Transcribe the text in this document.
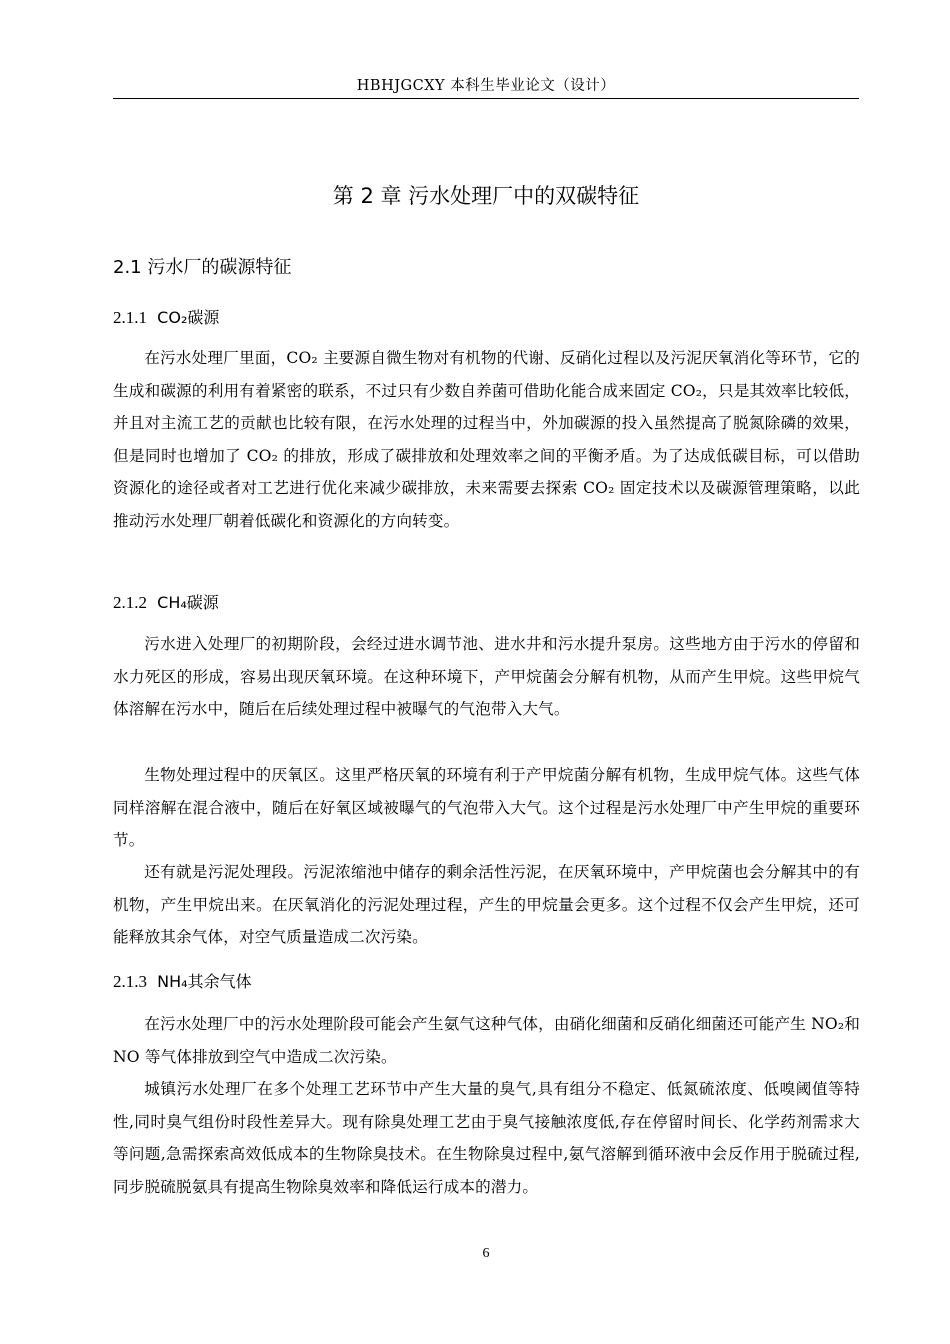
HBHJGCXY 本科生毕业论文（设计）
第 2 章 污水处理厂中的双碳特征
2.1 污水厂的碳源特征
2.1.1 CO₂碳源

在污水处理厂里面，CO₂ 主要源自微生物对有机物的代谢、反硝化过程以及污泥厌氧消化等环节，它的生成和碳源的利用有着紧密的联系，不过只有少数自养菌可借助化能合成来固定 CO₂，只是其效率比较低，并且对主流工艺的贡献也比较有限，在污水处理的过程当中，外加碳源的投入虽然提高了脱氮除磷的效果，但是同时也增加了 CO₂ 的排放，形成了碳排放和处理效率之间的平衡矛盾。为了达成低碳目标，可以借助资源化的途径或者对工艺进行优化来减少碳排放，未来需要去探索 CO₂ 固定技术以及碳源管理策略，以此推动污水处理厂朝着低碳化和资源化的方向转变。

2.1.2 CH₄碳源

污水进入处理厂的初期阶段，会经过进水调节池、进水井和污水提升泵房。这些地方由于污水的停留和水力死区的形成，容易出现厌氧环境。在这种环境下，产甲烷菌会分解有机物，从而产生甲烷。这些甲烷气体溶解在污水中，随后在后续处理过程中被曝气的气泡带入大气。

生物处理过程中的厌氧区。这里严格厌氧的环境有利于产甲烷菌分解有机物，生成甲烷气体。这些气体同样溶解在混合液中，随后在好氧区域被曝气的气泡带入大气。这个过程是污水处理厂中产生甲烷的重要环节。

还有就是污泥处理段。污泥浓缩池中储存的剩余活性污泥，在厌氧环境中，产甲烷菌也会分解其中的有机物，产生甲烷出来。在厌氧消化的污泥处理过程，产生的甲烷量会更多。这个过程不仅会产生甲烷，还可能释放其余气体，对空气质量造成二次污染。

2.1.3 NH₄其余气体

在污水处理厂中的污水处理阶段可能会产生氨气这种气体，由硝化细菌和反硝化细菌还可能产生 NO₂和 NO 等气体排放到空气中造成二次污染。

城镇污水处理厂在多个处理工艺环节中产生大量的臭气,具有组分不稳定、低氮硫浓度、低嗅阈值等特性,同时臭气组份时段性差异大。现有除臭处理工艺由于臭气接触浓度低,存在停留时间长、化学药剂需求大等问题,急需探索高效低成本的生物除臭技术。在生物除臭过程中,氨气溶解到循环液中会反作用于脱硫过程,同步脱硫脱氨具有提高生物除臭效率和降低运行成本的潜力。

6
